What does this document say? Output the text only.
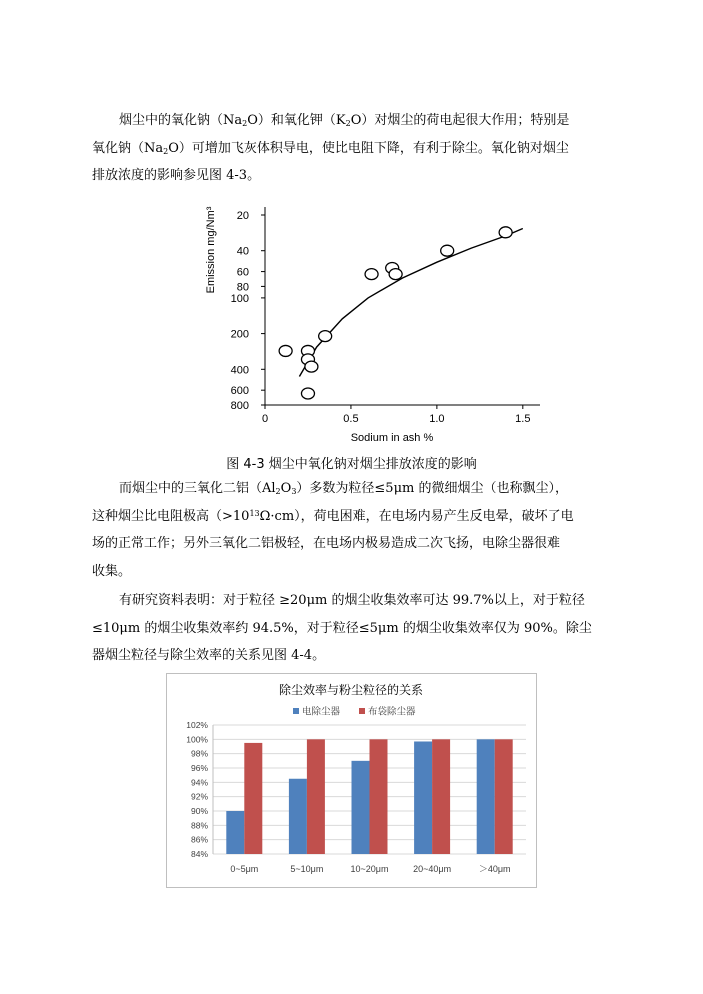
烟尘中的氧化钠$(Na_2O)$和氧化钾$(K_2O)$对烟尘的荷电起很大作用；特别是
氧化钠$(Na_2O)$可增加飞灰体积导电，使比电阻下降，有利于除尘。氧化钠对烟尘
排放浓度的影响参见图 4-3。
20
40
60
80
100
200
400
600
800
0	0.5	1.0	1.5
Sodium in ash %
Emission mg/Nm³
图 4-3 烟尘中氧化钠对烟尘排放浓度的影响
而烟尘中的三氧化二铝$(Al_2O_3)$多数为粒径≤5μm 的微细烟尘（也称飘尘），
这种烟尘比电阻极高$(>10^{13}\Omega\cdot cm)$，荷电困难，在电场内易产生反电晕，破坏了电
场的正常工作；另外三氧化二铝极轻，在电场内极易造成二次飞扬，电除尘器很难
收集。
有研究资料表明：对于粒径 ≥20μm 的烟尘收集效率可达 99.7%以上，对于粒径
≤10μm 的烟尘收集效率约 94.5%，对于粒径≤5μm 的烟尘收集效率仅为 90%。除尘
器烟尘粒径与除尘效率的关系见图 4-4。
除尘效率与粉尘粒径的关系
电除尘器	布袋除尘器
84%
86%
88%
90%
92%
94%
96%
98%
100%
102%
0~5μm	5~10μm	10~20μm	20~40μm	＞40μm
